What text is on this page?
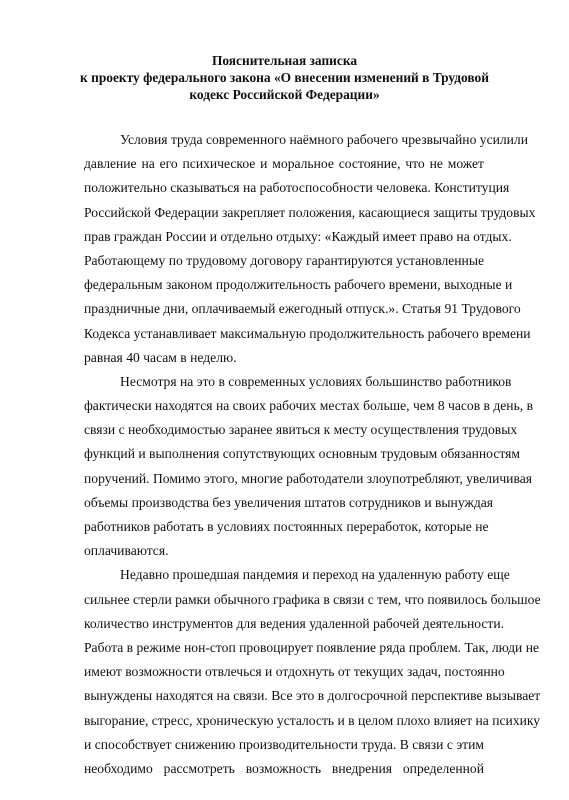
Пояснительная записка
к проекту федерального закона «О внесении изменений в Трудовой
кодекс Российской Федерации»

Условия труда современного наёмного рабочего чрезвычайно усилили
давление на его психическое и моральное состояние, что не может
положительно сказываться на работоспособности человека. Конституция
Российской Федерации закрепляет положения, касающиеся защиты трудовых
прав граждан России и отдельно отдыху: «Каждый имеет право на отдых.
Работающему по трудовому договору гарантируются установленные
федеральным законом продолжительность рабочего времени, выходные и
праздничные дни, оплачиваемый ежегодный отпуск.». Статья 91 Трудового
Кодекса устанавливает максимальную продолжительность рабочего времени
равная 40 часам в неделю.

Несмотря на это в современных условиях большинство работников
фактически находятся на своих рабочих местах больше, чем 8 часов в день, в
связи с необходимостью заранее явиться к месту осуществления трудовых
функций и выполнения сопутствующих основным трудовым обязанностям
поручений. Помимо этого, многие работодатели злоупотребляют, увеличивая
объемы производства без увеличения штатов сотрудников и вынуждая
работников работать в условиях постоянных переработок, которые не
оплачиваются.

Недавно прошедшая пандемия и переход на удаленную работу еще
сильнее стерли рамки обычного графика в связи с тем, что появилось большое
количество инструментов для ведения удаленной рабочей деятельности.
Работа в режиме нон-стоп провоцирует появление ряда проблем. Так, люди не
имеют возможности отвлечься и отдохнуть от текущих задач, постоянно
вынуждены находятся на связи. Все это в долгосрочной перспективе вызывает
выгорание, стресс, хроническую усталость и в целом плохо влияет на психику
и способствует снижению производительности труда. В связи с этим
необходимо рассмотреть возможность внедрения определенной
